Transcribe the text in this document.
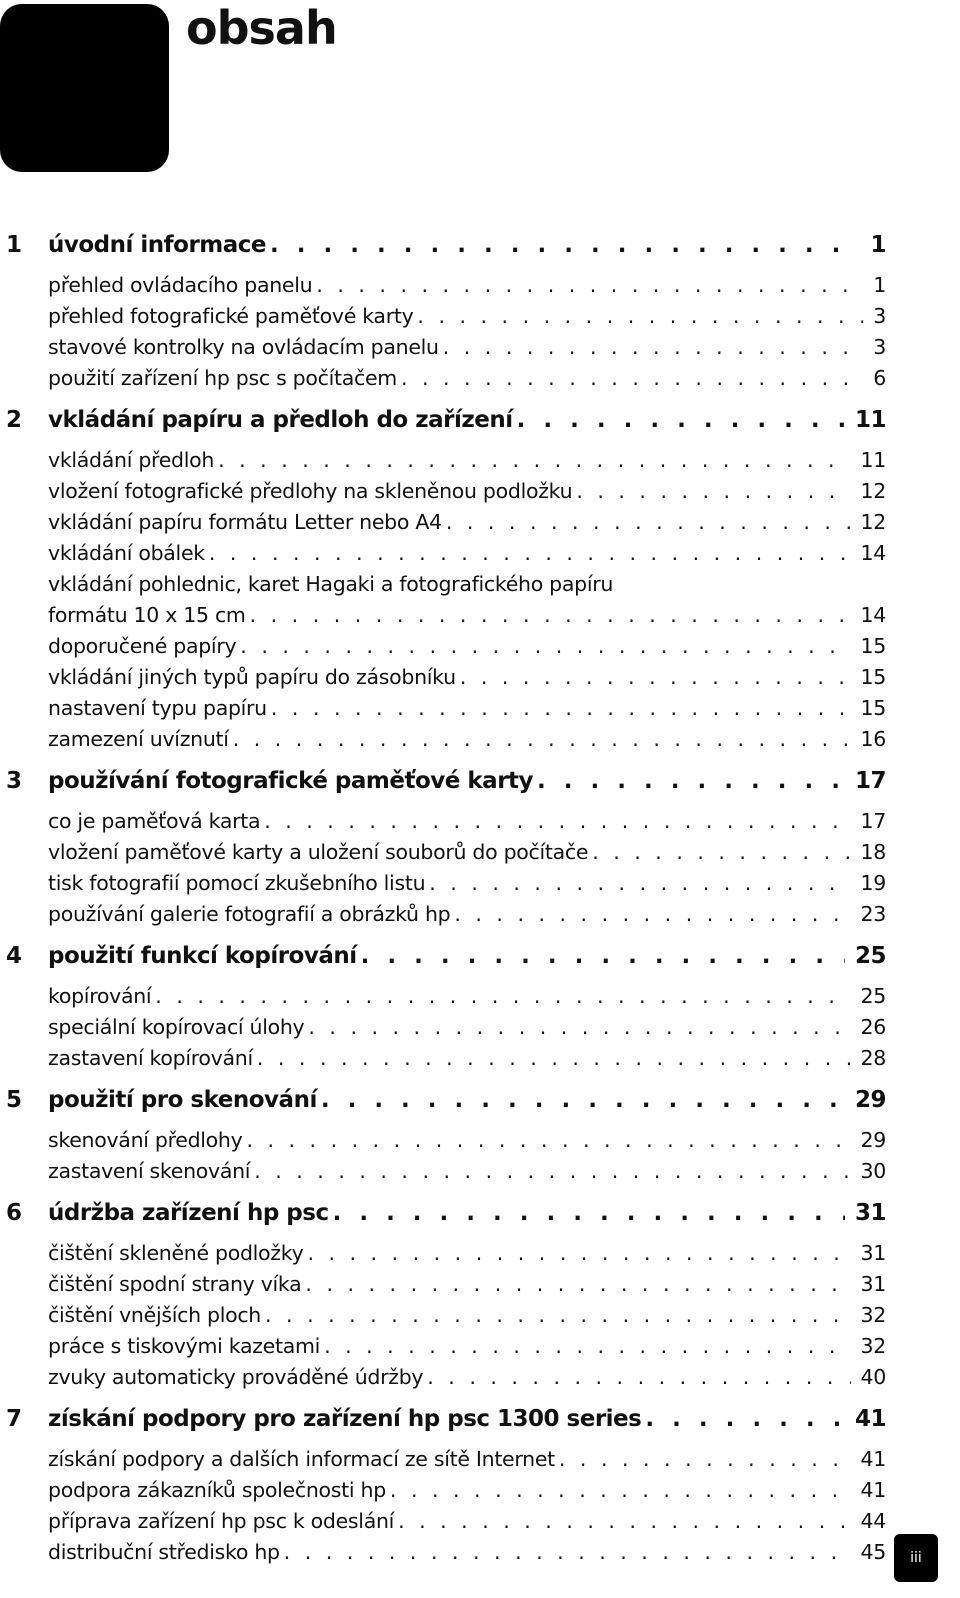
obsah
1 úvodní informace . . .	1
přehled ovládacího panelu . . .	1
přehled fotografické paměťové karty . . .	3
stavové kontrolky na ovládacím panelu . . .	3
použití zařízení hp psc s počítačem . . .	6
2 vkládání papíru a předloh do zařízení . . .	11
vkládání předloh . . .	11
vložení fotografické předlohy na skleněnou podložku . . .	12
vkládání papíru formátu Letter nebo A4 . . .	12
vkládání obálek . . .	14
vkládání pohlednic, karet Hagaki a fotografického papíru
formátu 10 x 15 cm . . .	14
doporučené papíry . . .	15
vkládání jiných typů papíru do zásobníku . . .	15
nastavení typu papíru . . .	15
zamezení uvíznutí . . .	16
3 používání fotografické paměťové karty . . .	17
co je paměťová karta . . .	17
vložení paměťové karty a uložení souborů do počítače . . .	18
tisk fotografií pomocí zkušebního listu . . .	19
používání galerie fotografií a obrázků hp . . .	23
4 použití funkcí kopírování . . .	25
kopírování . . .	25
speciální kopírovací úlohy . . .	26
zastavení kopírování . . .	28
5 použití pro skenování . . .	29
skenování předlohy . . .	29
zastavení skenování . . .	30
6 údržba zařízení hp psc . . .	31
čištění skleněné podložky . . .	31
čištění spodní strany víka . . .	31
čištění vnějších ploch . . .	32
práce s tiskovými kazetami . . .	32
zvuky automaticky prováděné údržby . . .	40
7 získání podpory pro zařízení hp psc 1300 series . . .	41
získání podpory a dalších informací ze sítě Internet . . .	41
podpora zákazníků společnosti hp . . .	41
příprava zařízení hp psc k odeslání . . .	44
distribuční středisko hp . . .	45 iii
